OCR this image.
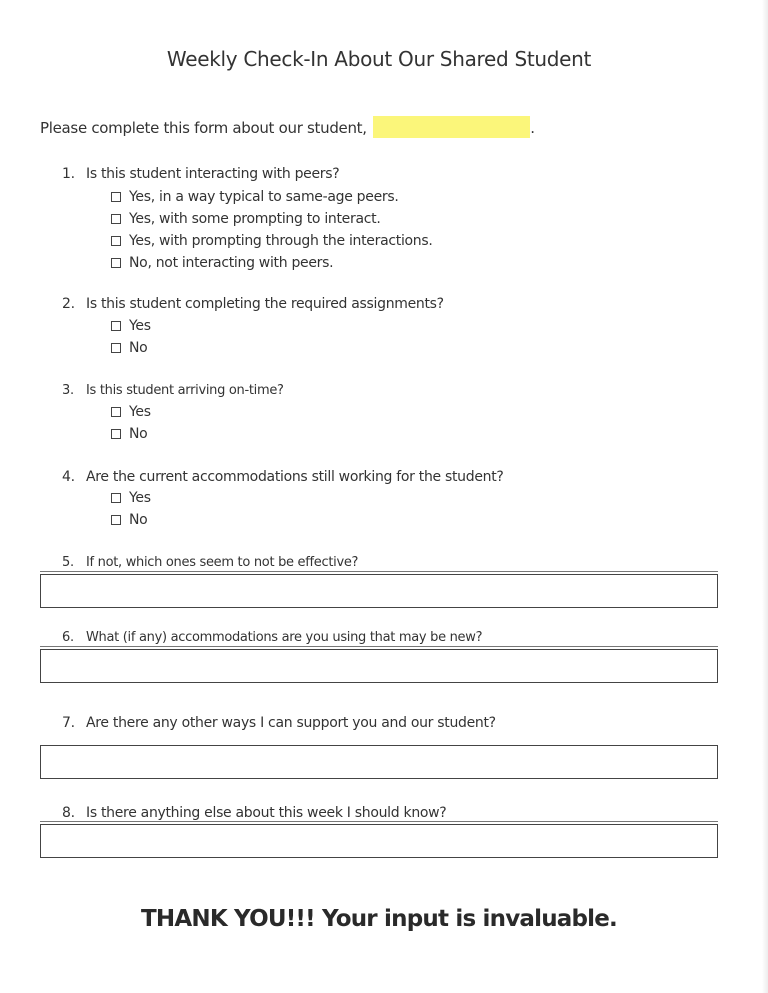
Weekly Check-In About Our Shared Student
Please complete this form about our student,	.
1. Is this student interacting with peers?
Yes, in a way typical to same-age peers.
Yes, with some prompting to interact.
Yes, with prompting through the interactions.
No, not interacting with peers.
2. Is this student completing the required assignments?
Yes
No
3. Is this student arriving on-time?
Yes
No
4. Are the current accommodations still working for the student?
Yes
No
5. If not, which ones seem to not be effective?
6. What (if any) accommodations are you using that may be new?
7. Are there any other ways I can support you and our student?
8. Is there anything else about this week I should know?
THANK YOU!!! Your input is invaluable.
